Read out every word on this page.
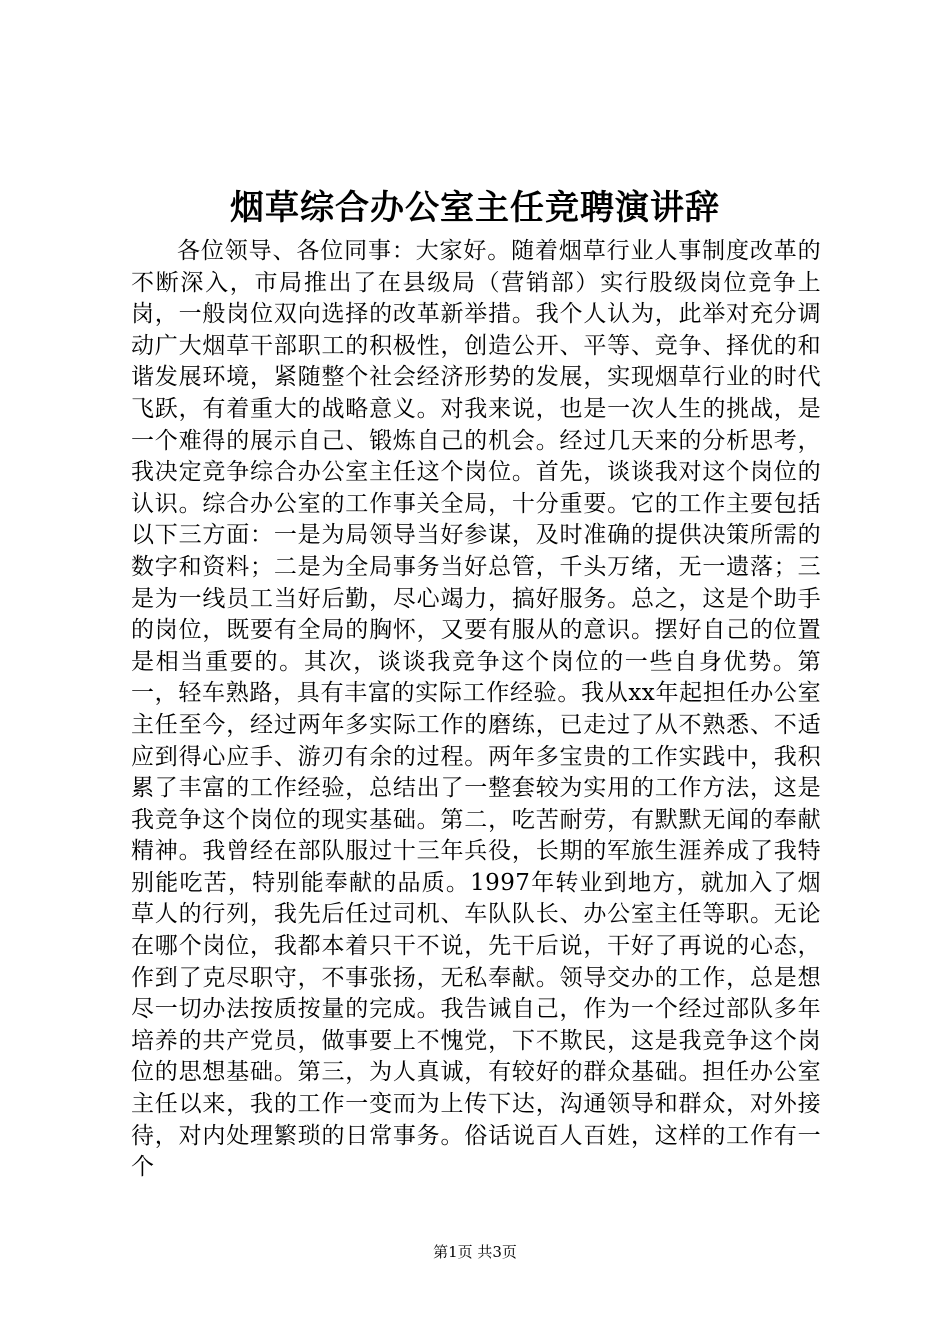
烟草综合办公室主任竞聘演讲辞

各位领导、各位同事：大家好。随着烟草行业人事制度改革的不断深入，市局推出了在县级局（营销部）实行股级岗位竞争上岗，一般岗位双向选择的改革新举措。我个人认为，此举对充分调动广大烟草干部职工的积极性，创造公开、平等、竞争、择优的和谐发展环境，紧随整个社会经济形势的发展，实现烟草行业的时代飞跃，有着重大的战略意义。对我来说，也是一次人生的挑战，是一个难得的展示自己、锻炼自己的机会。经过几天来的分析思考，我决定竞争综合办公室主任这个岗位。首先，谈谈我对这个岗位的认识。综合办公室的工作事关全局，十分重要。它的工作主要包括以下三方面：一是为局领导当好参谋，及时准确的提供决策所需的数字和资料；二是为全局事务当好总管，千头万绪，无一遗落；三是为一线员工当好后勤，尽心竭力，搞好服务。总之，这是个助手的岗位，既要有全局的胸怀，又要有服从的意识。摆好自己的位置是相当重要的。其次，谈谈我竞争这个岗位的一些自身优势。第一，轻车熟路，具有丰富的实际工作经验。我从xx年起担任办公室主任至今，经过两年多实际工作的磨练，已走过了从不熟悉、不适应到得心应手、游刃有余的过程。两年多宝贵的工作实践中，我积累了丰富的工作经验，总结出了一整套较为实用的工作方法，这是我竞争这个岗位的现实基础。第二，吃苦耐劳，有默默无闻的奉献精神。我曾经在部队服过十三年兵役，长期的军旅生涯养成了我特别能吃苦，特别能奉献的品质。1997年转业到地方，就加入了烟草人的行列，我先后任过司机、车队队长、办公室主任等职。无论在哪个岗位，我都本着只干不说，先干后说，干好了再说的心态，作到了克尽职守，不事张扬，无私奉献。领导交办的工作，总是想尽一切办法按质按量的完成。我告诫自己，作为一个经过部队多年培养的共产党员，做事要上不愧党，下不欺民，这是我竞争这个岗位的思想基础。第三，为人真诚，有较好的群众基础。担任办公室主任以来，我的工作一变而为上传下达，沟通领导和群众，对外接待，对内处理繁琐的日常事务。俗话说百人百姓，这样的工作有一个

第1页 共3页
